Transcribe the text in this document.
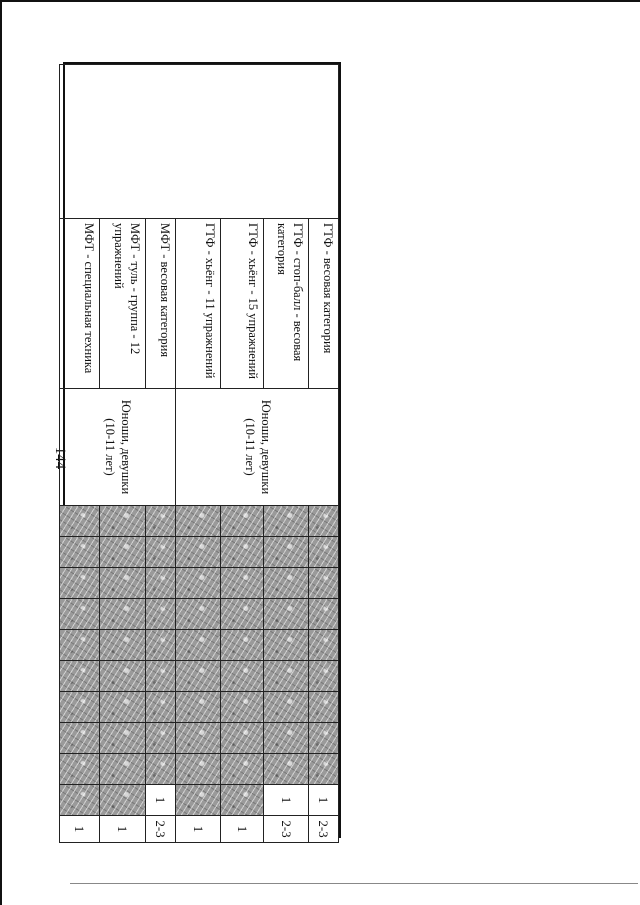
144
	ГТФ - весовая категория	Юноши, девушки (10-11 лет)										1	2-3
	ГТФ - стоп-балл - весовая категория											1	2-3
	ГТФ - хьёнг - 15 упражнений												1
	ГТФ - хьёнг - 11 упражнений												1
	МФТ - весовая категория	Юноши, девушки (10-11 лет)										1	2-3
	МФТ - туль - группа - 12 упражнений												1
	МФТ - специальная техника												1
